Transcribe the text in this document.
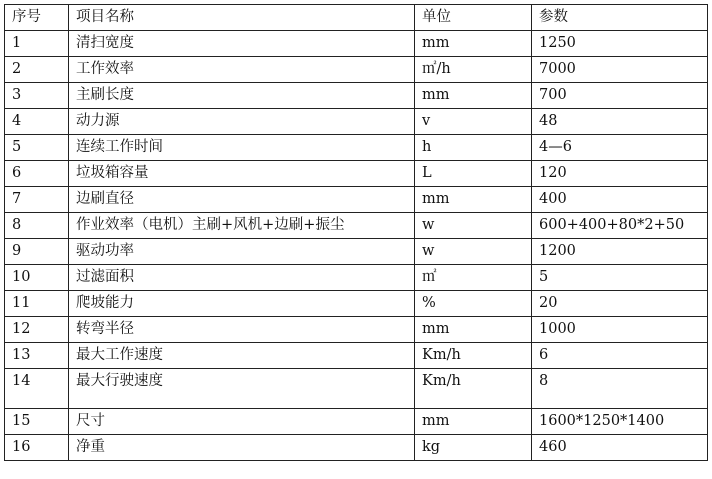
序号	项目名称	单位	参数
1	清扫宽度	mm	1250
2	工作效率	㎡/h	7000
3	主刷长度	mm	700
4	动力源	v	48
5	连续工作时间	h	4—6
6	垃圾箱容量	L	120
7	边刷直径	mm	400
8	作业效率（电机）主刷+风机+边刷+振尘	w	600+400+80*2+50
9	驱动功率	w	1200
10	过滤面积	㎡	5
11	爬坡能力	%	20
12	转弯半径	mm	1000
13	最大工作速度	Km/h	6
14	最大行驶速度	Km/h	8
15	尺寸	mm	1600*1250*1400
16	净重	kg	460
